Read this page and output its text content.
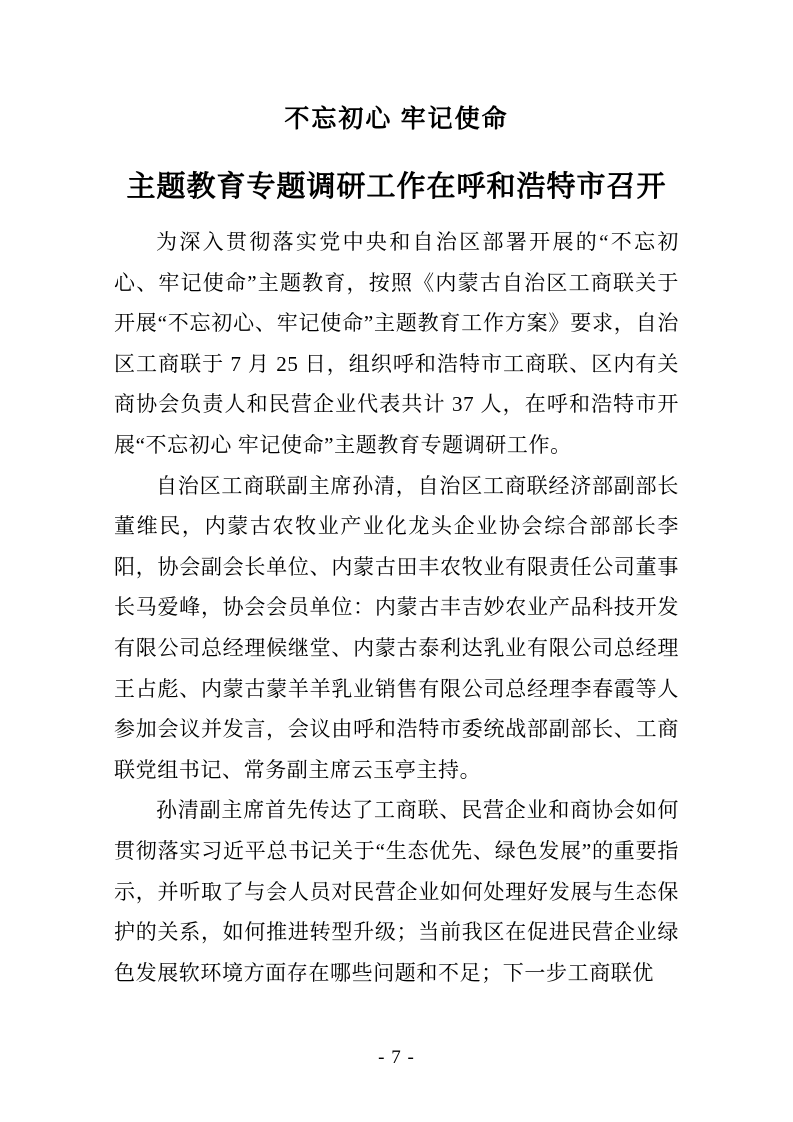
不忘初心 牢记使命
主题教育专题调研工作在呼和浩特市召开

为深入贯彻落实党中央和自治区部署开展的“不忘初心、牢记使命”主题教育，按照《内蒙古自治区工商联关于开展“不忘初心、牢记使命”主题教育工作方案》要求，自治区工商联于 7 月 25 日，组织呼和浩特市工商联、区内有关商协会负责人和民营企业代表共计 37 人，在呼和浩特市开展“不忘初心 牢记使命”主题教育专题调研工作。

自治区工商联副主席孙清，自治区工商联经济部副部长董维民，内蒙古农牧业产业化龙头企业协会综合部部长李阳，协会副会长单位、内蒙古田丰农牧业有限责任公司董事长马爱峰，协会会员单位：内蒙古丰吉妙农业产品科技开发有限公司总经理候继堂、内蒙古泰利达乳业有限公司总经理王占彪、内蒙古蒙羊羊乳业销售有限公司总经理李春霞等人参加会议并发言，会议由呼和浩特市委统战部副部长、工商联党组书记、常务副主席云玉亭主持。

孙清副主席首先传达了工商联、民营企业和商协会如何贯彻落实习近平总书记关于“生态优先、绿色发展”的重要指示，并听取了与会人员对民营企业如何处理好发展与生态保护的关系，如何推进转型升级；当前我区在促进民营企业绿色发展软环境方面存在哪些问题和不足；下一步工商联优

- 7 -
